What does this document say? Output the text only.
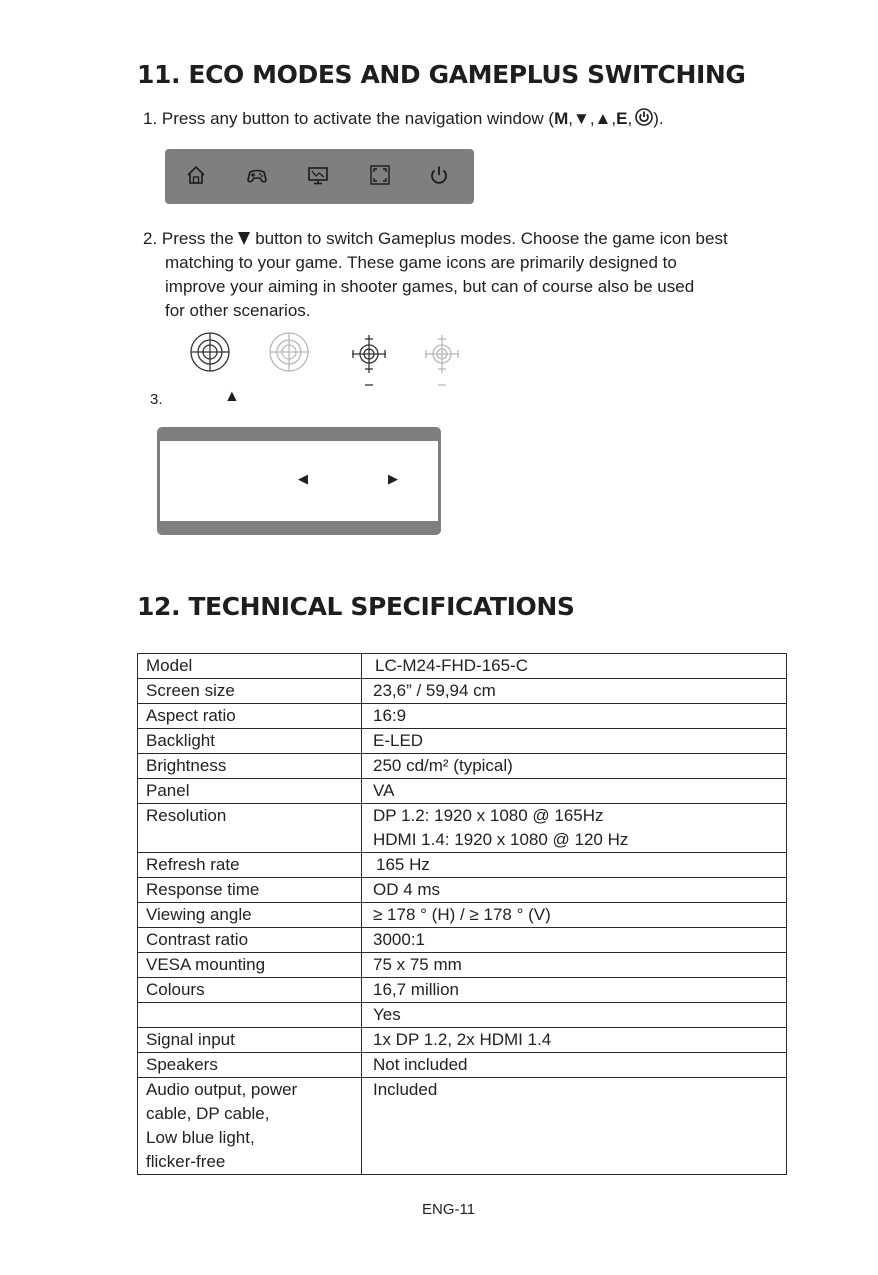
11. ECO MODES AND GAMEPLUS SWITCHING
1. Press any button to activate the navigation window (M,▼,▲,E, ).
2. Press the button to switch Gameplus modes. Choose the game icon best
matching to your game. These game icons are primarily designed to
improve your aiming in shooter games, but can of course also be used
for other scenarios.
3.	▲
◀	▶
12. TECHNICAL SPECIFICATIONS
Model	LC-M24-FHD-165-C
Screen size	23,6” / 59,94 cm
Aspect ratio	16:9
Backlight	E-LED
Brightness	250 cd/m² (typical)
Panel	VA
Resolution	DP 1.2: 1920 x 1080 @ 165Hz
HDMI 1.4: 1920 x 1080 @ 120 Hz

Refresh rate	165 Hz
Response time	OD 4 ms
Viewing angle	≥ 178 ° (H) / ≥ 178 ° (V)
Contrast ratio	3000:1
VESA mounting	75 x 75 mm
Colours	16,7 million
	Yes
Signal input	1x DP 1.2, 2x HDMI 1.4
Speakers	Not included

Audio output, power
cable, DP cable,
Low blue light,
flicker-free	Included
ENG-11
